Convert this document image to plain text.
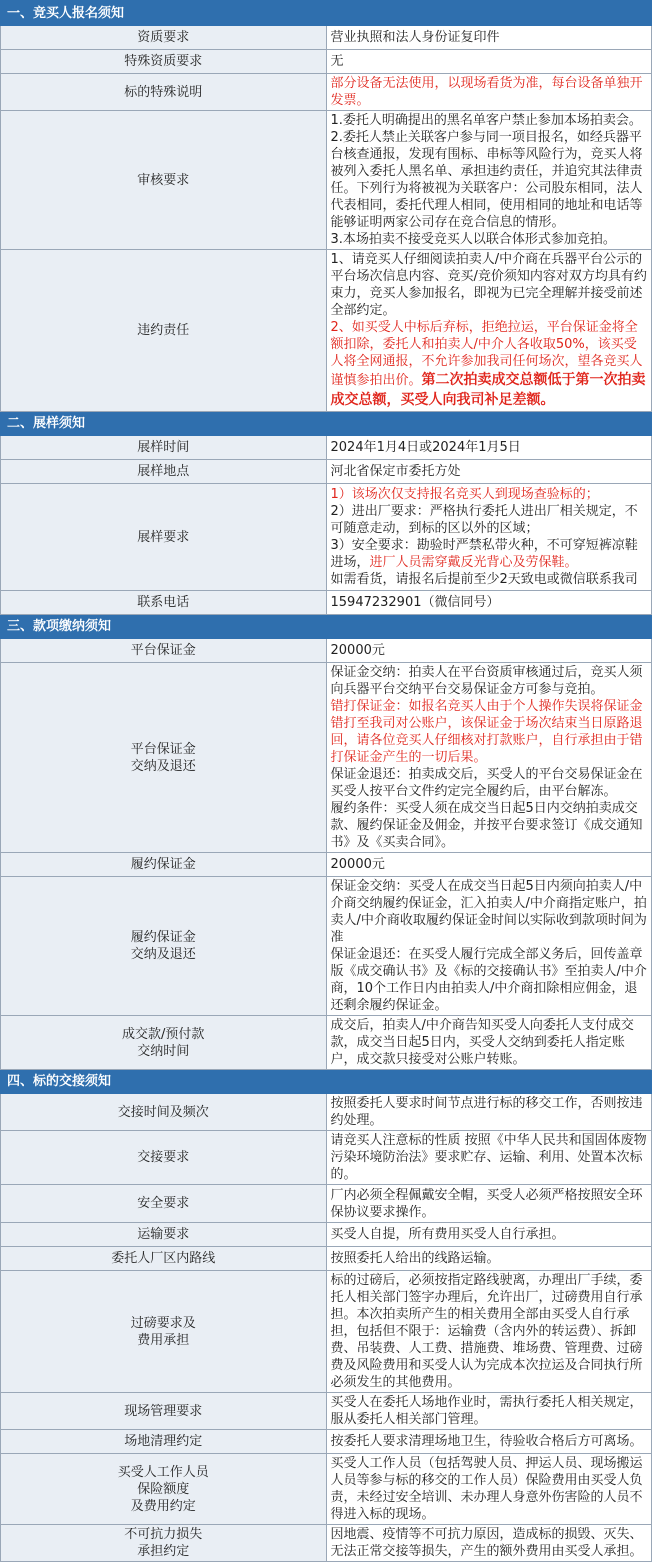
一、竞买人报名须知	
资质要求	营业执照和法人身份证复印件
特殊资质要求	无
标的特殊说明	部分设备无法使用，以现场看货为准，每台设备单独开发票。
审核要求	1.委托人明确提出的黑名单客户禁止参加本场拍卖会。
2.委托人禁止关联客户参与同一项目报名，如经兵器平台核查通报，发现有围标、串标等风险行为，竞买人将被列入委托人黑名单、承担违约责任，并追究其法律责任。下列行为将被视为关联客户：公司股东相同，法人代表相同，委托代理人相同，使用相同的地址和电话等能够证明两家公司存在竞合信息的情形。
3.本场拍卖不接受竞买人以联合体形式参加竞拍。

违约责任	1、请竞买人仔细阅读拍卖人/中介商在兵器平台公示的平台场次信息内容、竞买/竞价须知内容对双方均具有约束力，竞买人参加报名，即视为已完全理解并接受前述全部约定。
2、如买受人中标后弃标，拒绝拉运，平台保证金将全额扣除，委托人和拍卖人/中介人各收取50%，该买受人将全网通报，不允许参加我司任何场次，望各竞买人谨慎参拍出价。第二次拍卖成交总额低于第一次拍卖成交总额，买受人向我司补足差额。
二、展样须知	
展样时间	2024年1月4日或2024年1月5日
展样地点	河北省保定市委托方处
展样要求	1）该场次仅支持报名竞买人到现场查验标的；
2）进出厂要求：严格执行委托人进出厂相关规定，不可随意走动，到标的区以外的区域；
3）安全要求：勘验时严禁私带火种，不可穿短裤凉鞋进场，进厂人员需穿戴反光背心及劳保鞋。
如需看货，请报名后提前至少2天致电或微信联系我司

联系电话	15947232901（微信同号）
三、款项缴纳须知	
平台保证金	20000元

平台保证金
交纳及退还	保证金交纳：拍卖人在平台资质审核通过后，竞买人须向兵器平台交纳平台交易保证金方可参与竞拍。
错打保证金：如报名竞买人由于个人操作失误将保证金错打至我司对公账户，该保证金于场次结束当日原路退回，请各位竞买人仔细核对打款账户，自行承担由于错打保证金产生的一切后果。
保证金退还：拍卖成交后，买受人的平台交易保证金在买受人按平台文件约定完全履约后，由平台解冻。
履约条件：买受人须在成交当日起5日内交纳拍卖成交款、履约保证金及佣金，并按平台要求签订《成交通知书》及《买卖合同》。

履约保证金	20000元

履约保证金
交纳及退还	保证金交纳：买受人在成交当日起5日内须向拍卖人/中介商交纳履约保证金，汇入拍卖人/中介商指定账户，拍卖人/中介商收取履约保证金时间以实际收到款项时间为准
保证金退还：在买受人履行完成全部义务后，回传盖章版《成交确认书》及《标的交接确认书》至拍卖人/中介商，10个工作日内由拍卖人/中介商扣除相应佣金，退还剩余履约保证金。

成交款/预付款
交纳时间	成交后，拍卖人/中介商告知买受人向委托人支付成交款，成交当日起5日内，买受人交纳到委托人指定账户，成交款只接受对公账户转账。
四、标的交接须知	
交接时间及频次	按照委托人要求时间节点进行标的移交工作，否则按违约处理。
交接要求	请竞买人注意标的性质 按照《中华人民共和国固体废物污染环境防治法》要求贮存、运输、利用、处置本次标的。
安全要求	厂内必须全程佩戴安全帽，买受人必须严格按照安全环保协议要求操作。
运输要求	买受人自提，所有费用买受人自行承担。
委托人厂区内路线	按照委托人给出的线路运输。

过磅要求及
费用承担	标的过磅后，必须按指定路线驶离，办理出厂手续，委托人相关部门签字办理后，允许出厂，过磅费用自行承担。本次拍卖所产生的相关费用全部由买受人自行承担，包括但不限于：运输费（含内外的转运费）、拆卸费、吊装费、人工费、措施费、堆场费、管理费、过磅费及风险费用和买受人认为完成本次拉运及合同执行所必须发生的其他费用。
现场管理要求	买受人在委托人场地作业时，需执行委托人相关规定，服从委托人相关部门管理。
场地清理约定	按委托人要求清理场地卫生，待验收合格后方可离场。

买受人工作人员
保险额度
及费用约定	买受人工作人员（包括驾驶人员、押运人员、现场搬运人员等参与标的移交的工作人员）保险费用由买受人负责，未经过安全培训、未办理人身意外伤害险的人员不得进入标的现场。

不可抗力损失
承担约定	因地震、疫情等不可抗力原因，造成标的损毁、灭失、无法正常交接等损失，产生的额外费用由买受人承担。
